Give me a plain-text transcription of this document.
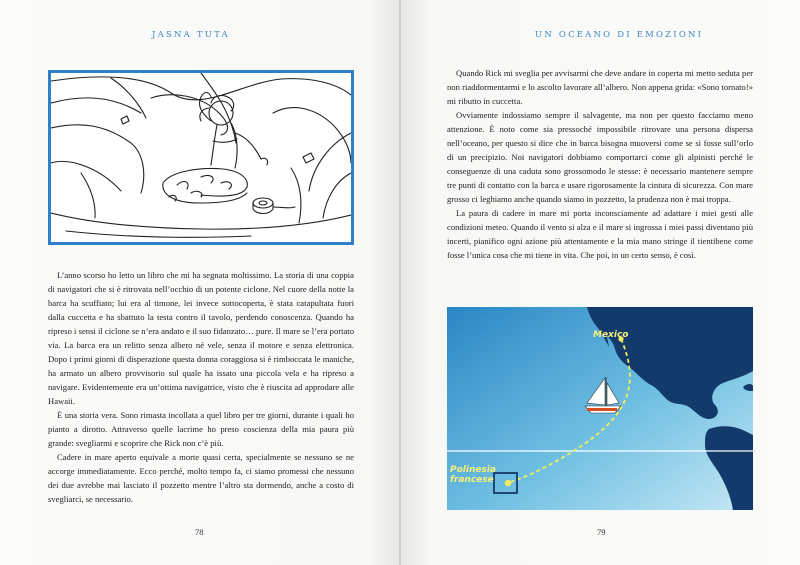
JASNA TUTA

L’anno scorso ho letto un libro che mi ha segnata moltissimo. La storia di una coppia di navigatori che si è ritrovata nell’occhio di un potente ciclone. Nel cuore della notte la barca ha scuffiato; lui era al timone, lei invece sottocoperta, è stata catapultata fuori dalla cuccetta e ha sbattuto la testa contro il tavolo, perdendo conoscenza. Quando ha ripreso i sensi il ciclone se n’era andato e il suo fidanzato… pure. Il mare se l’era portato via. La barca era un relitto senza albero né vele, senza il motore e senza elettronica. Dopo i primi giorni di disperazione questa donna coraggiosa si è rimboccata le maniche, ha armato un albero provvisorio sul quale ha issato una piccola vela e ha ripreso a navigare. Evidentemente era un’ottima navigatrice, visto che è riuscita ad approdare alle Hawaii.

È una storia vera. Sono rimasta incollata a quel libro per tre giorni, durante i quali ho pianto a dirotto. Attraverso quelle lacrime ho preso coscienza della mia paura più grande: svegliarmi e scoprire che Rick non c’è più.

Cadere in mare aperto equivale a morte quasi certa, specialmente se nessuno se ne accorge immediatamente. Ecco perché, molto tempo fa, ci siamo promessi che nessuno dei due avrebbe mai lasciato il pozzetto mentre l’altro sta dormendo, anche a costo di svegliarci, se necessario.

78
UN OCEANO DI EMOZIONI

Quando Rick mi sveglia per avvisarmi che deve andare in coperta mi metto seduta per non riaddormentarmi e lo ascolto lavorare all’albero. Non appena grida: «Sono tornato!» mi ributto in cuccetta.

Ovviamente indossiamo sempre il salvagente, ma non per questo facciamo meno attenzione. È noto come sia pressoché impossibile ritrovare una persona dispersa nell’oceano, per questo si dice che in barca bisogna muoversi come se si fosse sull’orlo di un precipizio. Noi navigatori dobbiamo comportarci come gli alpinisti perché le conseguenze di una caduta sono grossomodo le stesse: è necessario mantenere sempre tre punti di contatto con la barca e usare rigorosamente la cintura di sicurezza. Con mare grosso ci leghiamo anche quando siamo in pozzetto, la prudenza non è mai troppa.

La paura di cadere in mare mi porta inconsciamente ad adattare i miei gesti alle condizioni meteo. Quando il vento si alza e il mare si ingrossa i miei passi diventano più incerti, pianifico ogni azione più attentamente e la mia mano stringe il tientibene come fosse l’unica cosa che mi tiene in vita. Che poi, in un certo senso, è così.

Mexico
Polinesia
francese
79
